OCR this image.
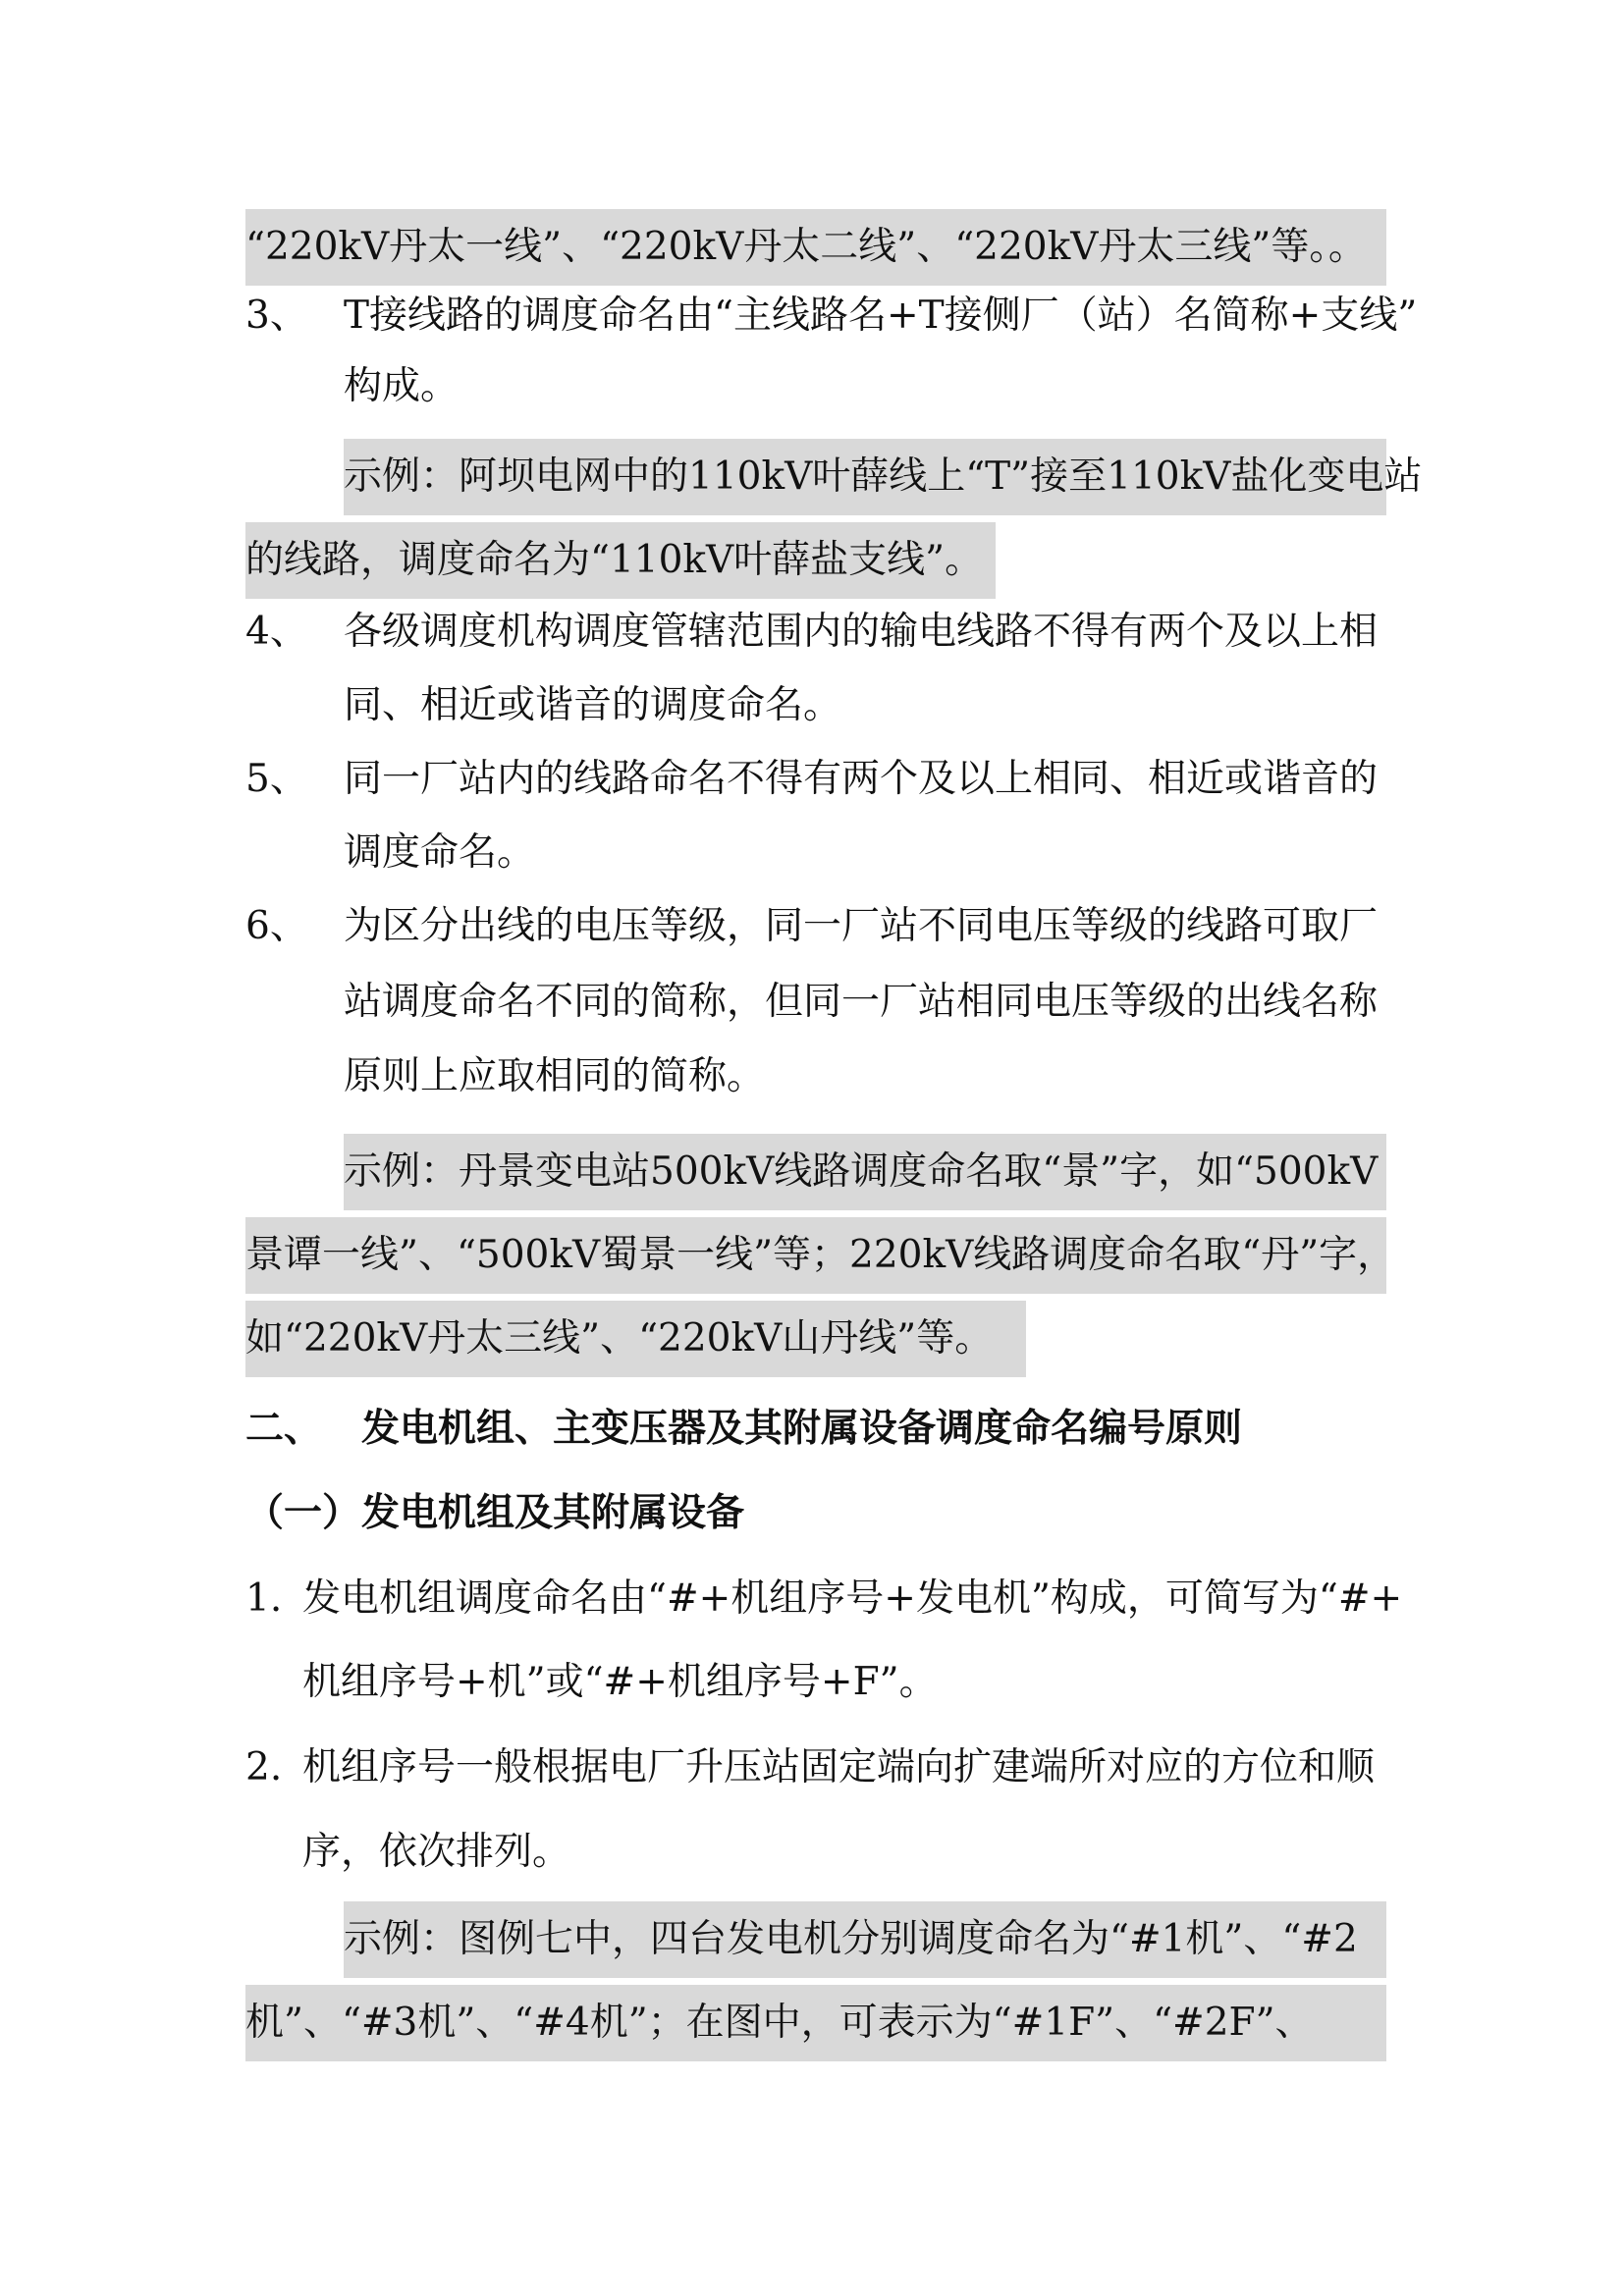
“220kV丹太一线”、“220kV丹太二线”、“220kV丹太三线”等。。
3、 T接线路的调度命名由“主线路名+T接侧厂（站）名简称+支线”
构成。
示例：阿坝电网中的110kV叶薛线上“T”接至110kV盐化变电站
的线路，调度命名为“110kV叶薛盐支线”。
4、 各级调度机构调度管辖范围内的输电线路不得有两个及以上相
同、相近或谐音的调度命名。
5、 同一厂站内的线路命名不得有两个及以上相同、相近或谐音的
调度命名。
6、 为区分出线的电压等级，同一厂站不同电压等级的线路可取厂
站调度命名不同的简称，但同一厂站相同电压等级的出线名称
原则上应取相同的简称。
示例：丹景变电站500kV线路调度命名取“景”字，如“500kV
景谭一线”、“500kV蜀景一线”等；220kV线路调度命名取“丹”字，
如“220kV丹太三线”、“220kV山丹线”等。
二、 发电机组、主变压器及其附属设备调度命名编号原则
（一） 发电机组及其附属设备
1. 发电机组调度命名由“#+机组序号+发电机”构成，可简写为“#+
机组序号+机”或“#+机组序号+F”。
2. 机组序号一般根据电厂升压站固定端向扩建端所对应的方位和顺
序，依次排列。
示例：图例七中，四台发电机分别调度命名为“#1机”、“#2
机”、“#3机”、“#4机”；在图中，可表示为“#1F”、“#2F”、
